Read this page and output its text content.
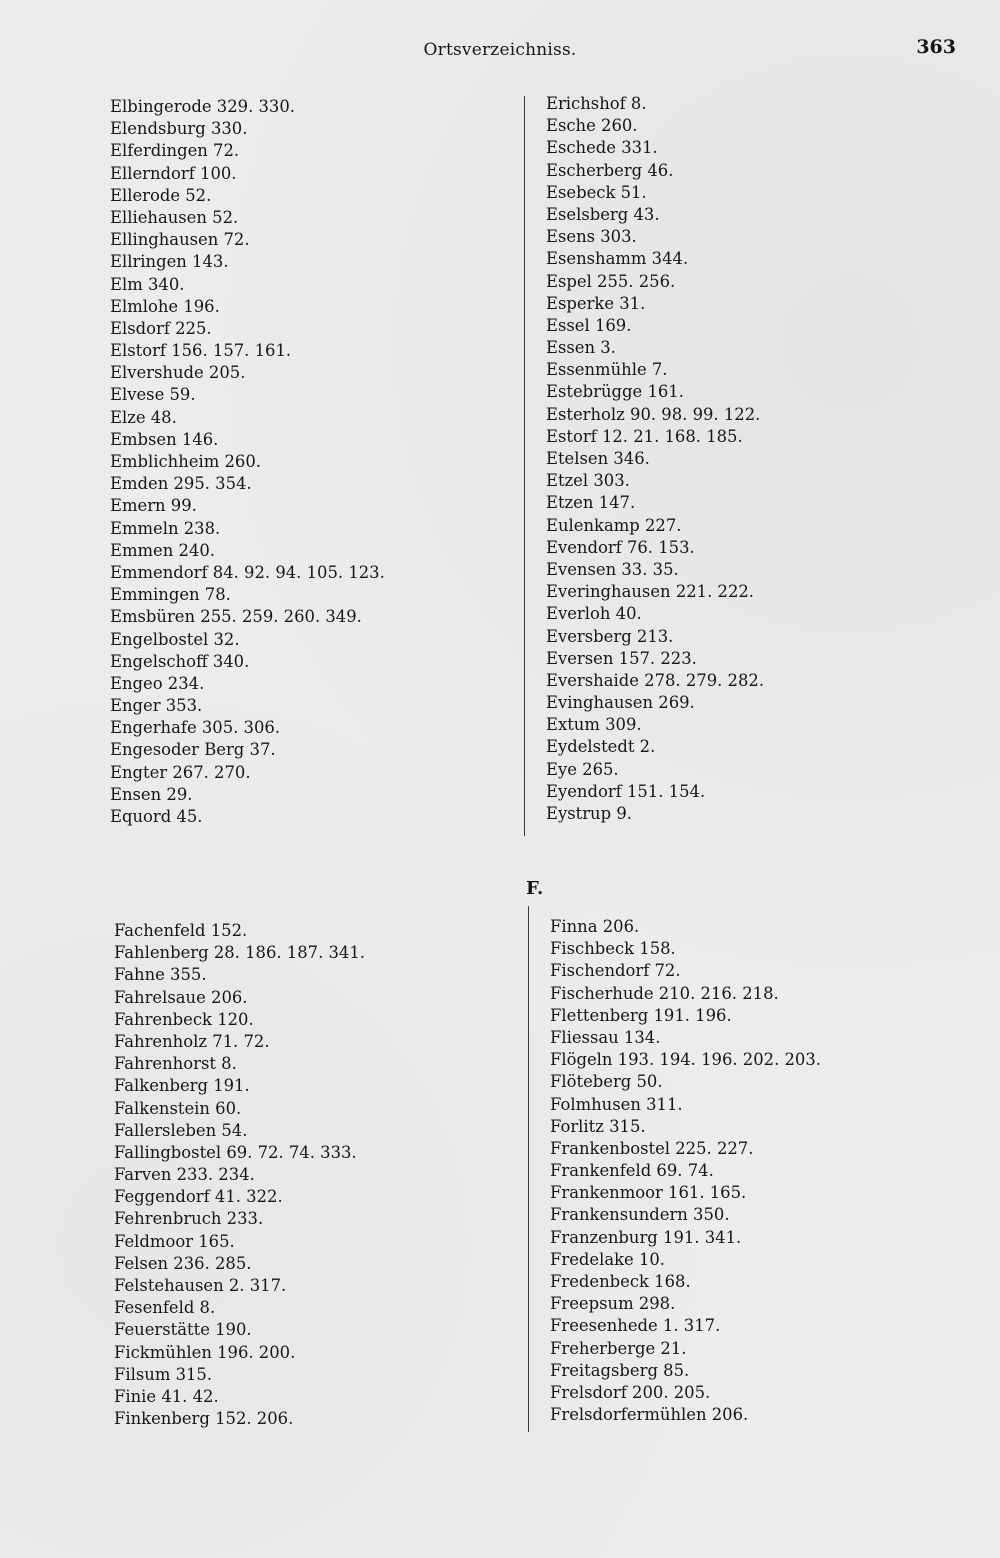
Ortsverzeichniss.	363
Elbingerode 329. 330.
Elendsburg 330.
Elferdingen 72.
Ellerndorf 100.
Ellerode 52.
Elliehausen 52.
Ellinghausen 72.
Ellringen 143.
Elm 340.
Elmlohe 196.
Elsdorf 225.
Elstorf 156. 157. 161.
Elvershude 205.
Elvese 59.
Elze 48.
Embsen 146.
Emblichheim 260.
Emden 295. 354.
Emern 99.
Emmeln 238.
Emmen 240.
Emmendorf 84. 92. 94. 105. 123.
Emmingen 78.
Emsbüren 255. 259. 260. 349.
Engelbostel 32.
Engelschoff 340.
Engeo 234.
Enger 353.
Engerhafe 305. 306.
Engesoder Berg 37.
Engter 267. 270.
Ensen 29.
Equord 45.
Erichshof 8.
Esche 260.
Eschede 331.
Escherberg 46.
Esebeck 51.
Eselsberg 43.
Esens 303.
Esenshamm 344.
Espel 255. 256.
Esperke 31.
Essel 169.
Essen 3.
Essenmühle 7.
Estebrügge 161.
Esterholz 90. 98. 99. 122.
Estorf 12. 21. 168. 185.
Etelsen 346.
Etzel 303.
Etzen 147.
Eulenkamp 227.
Evendorf 76. 153.
Evensen 33. 35.
Everinghausen 221. 222.
Everloh 40.
Eversberg 213.
Eversen 157. 223.
Evershaide 278. 279. 282.
Evinghausen 269.
Extum 309.
Eydelstedt 2.
Eye 265.
Eyendorf 151. 154.
Eystrup 9.
F.
Fachenfeld 152.
Fahlenberg 28. 186. 187. 341.
Fahne 355.
Fahrelsaue 206.
Fahrenbeck 120.
Fahrenholz 71. 72.
Fahrenhorst 8.
Falkenberg 191.
Falkenstein 60.
Fallersleben 54.
Fallingbostel 69. 72. 74. 333.
Farven 233. 234.
Feggendorf 41. 322.
Fehrenbruch 233.
Feldmoor 165.
Felsen 236. 285.
Felstehausen 2. 317.
Fesenfeld 8.
Feuerstätte 190.
Fickmühlen 196. 200.
Filsum 315.
Finie 41. 42.
Finkenberg 152. 206.
Finna 206.
Fischbeck 158.
Fischendorf 72.
Fischerhude 210. 216. 218.
Flettenberg 191. 196.
Fliessau 134.
Flögeln 193. 194. 196. 202. 203.
Flöteberg 50.
Folmhusen 311.
Forlitz 315.
Frankenbostel 225. 227.
Frankenfeld 69. 74.
Frankenmoor 161. 165.
Frankensundern 350.
Franzenburg 191. 341.
Fredelake 10.
Fredenbeck 168.
Freepsum 298.
Freesenhede 1. 317.
Freherberge 21.
Freitagsberg 85.
Frelsdorf 200. 205.
Frelsdorfermühlen 206.
